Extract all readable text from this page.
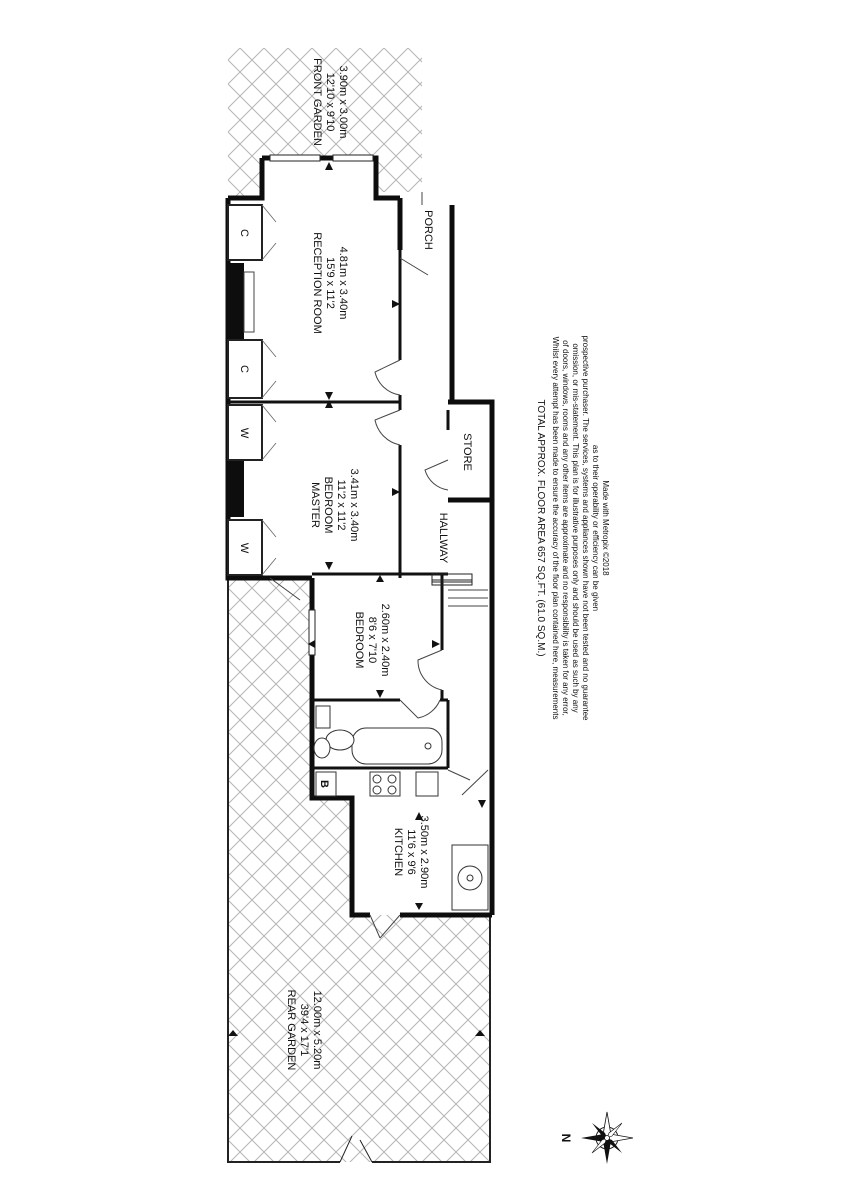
FRONT GARDEN 12'10 x 9'10 3.90m x 3.00m
RECEPTION ROOM 15'9 x 11'2 4.81m x 3.40m
MASTER BEDROOM 11'2 x 11'2 3.41m x 3.40m
BEDROOM 8'6 x 7'10 2.60m x 2.40m
KITCHEN 11'6 x 9'6 3.50m x 2.90m
REAR GARDEN 39'4 x 17'1 12.00m x 5.20m
PORCH
STORE
HALLWAY
C
C
W
W
B
TOTAL APPROX. FLOOR AREA 657 SQ.FT. (61.0 SQ.M.) Whilst every attempt has been made to ensure the accuracy of the floor plan contained here, measurements of doors, windows, rooms and any other items are approximate and no responsibility is taken for any error, omission, or mis-statement. This plan is for illustrative purposes only and should be used as such by any prospective purchaser. The services, systems and appliances shown have not been tested and no guarantee as to their operability or efficiency can be given Made with Metropix ©2018
N
